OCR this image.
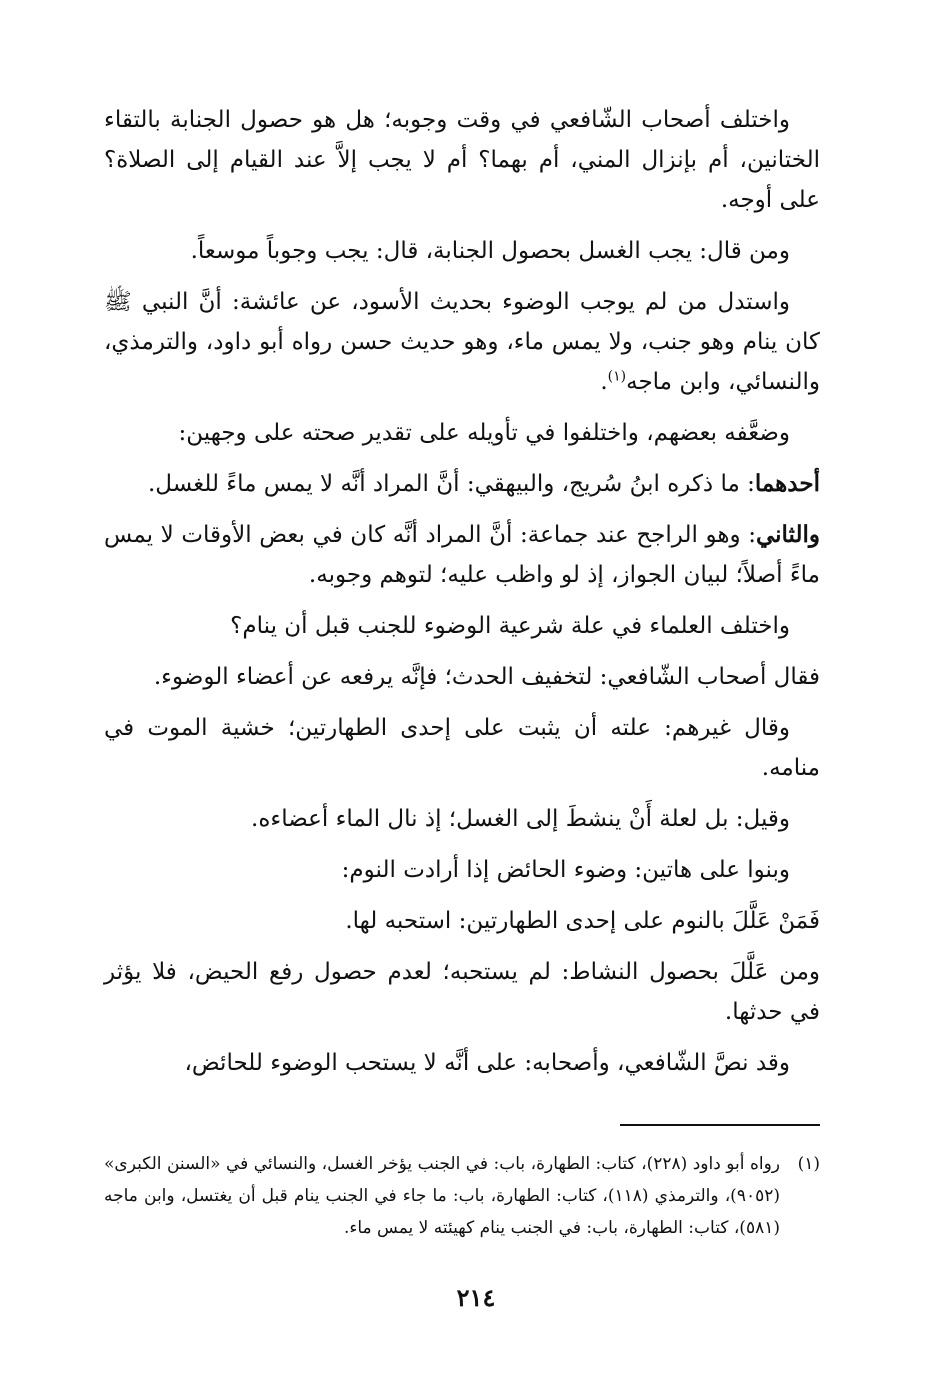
واختلف أصحاب الشّافعي في وقت وجوبه؛ هل هو حصول الجنابة بالتقاء الختانين، أم بإنزال المني، أم بهما؟ أم لا يجب إلاَّ عند القيام إلى الصلاة؟ على أوجه.

ومن قال: يجب الغسل بحصول الجنابة، قال: يجب وجوباً موسعاً.

واستدل من لم يوجب الوضوء بحديث الأسود، عن عائشة: أنَّ النبي ﷺ كان ينام وهو جنب، ولا يمس ماء، وهو حديث حسن رواه أبو داود، والترمذي، والنسائي، وابن ماجه$^{(١)}$.

وضعَّفه بعضهم، واختلفوا في تأويله على تقدير صحته على وجهين:

أحدهما: ما ذكره ابنُ سُريج، والبيهقي: أنَّ المراد أنَّه لا يمس ماءً للغسل.

والثاني: وهو الراجح عند جماعة: أنَّ المراد أنَّه كان في بعض الأوقات لا يمس ماءً أصلاً؛ لبيان الجواز، إذ لو واظب عليه؛ لتوهم وجوبه.

واختلف العلماء في علة شرعية الوضوء للجنب قبل أن ينام؟

فقال أصحاب الشّافعي: لتخفيف الحدث؛ فإنَّه يرفعه عن أعضاء الوضوء.

وقال غيرهم: علته أن يثبت على إحدى الطهارتين؛ خشية الموت في منامه.

وقيل: بل لعلة أَنْ ينشطَ إلى الغسل؛ إذ نال الماء أعضاءه.

وبنوا على هاتين: وضوء الحائض إذا أرادت النوم:

فَمَنْ عَلَّلَ بالنوم على إحدى الطهارتين: استحبه لها.

ومن عَلَّلَ بحصول النشاط: لم يستحبه؛ لعدم حصول رفع الحيض، فلا يؤثر في حدثها.

وقد نصَّ الشّافعي، وأصحابه: على أنَّه لا يستحب الوضوء للحائض،

(١)
رواه أبو داود (٢٢٨)، كتاب: الطهارة، باب: في الجنب يؤخر الغسل، والنسائي في «السنن الكبرى» (٩٠٥٢)، والترمذي (١١٨)، كتاب: الطهارة، باب: ما جاء في الجنب ينام قبل أن يغتسل، وابن ماجه (٥٨١)، كتاب: الطهارة، باب: في الجنب ينام كهيئته لا يمس ماء.

٢١٤
